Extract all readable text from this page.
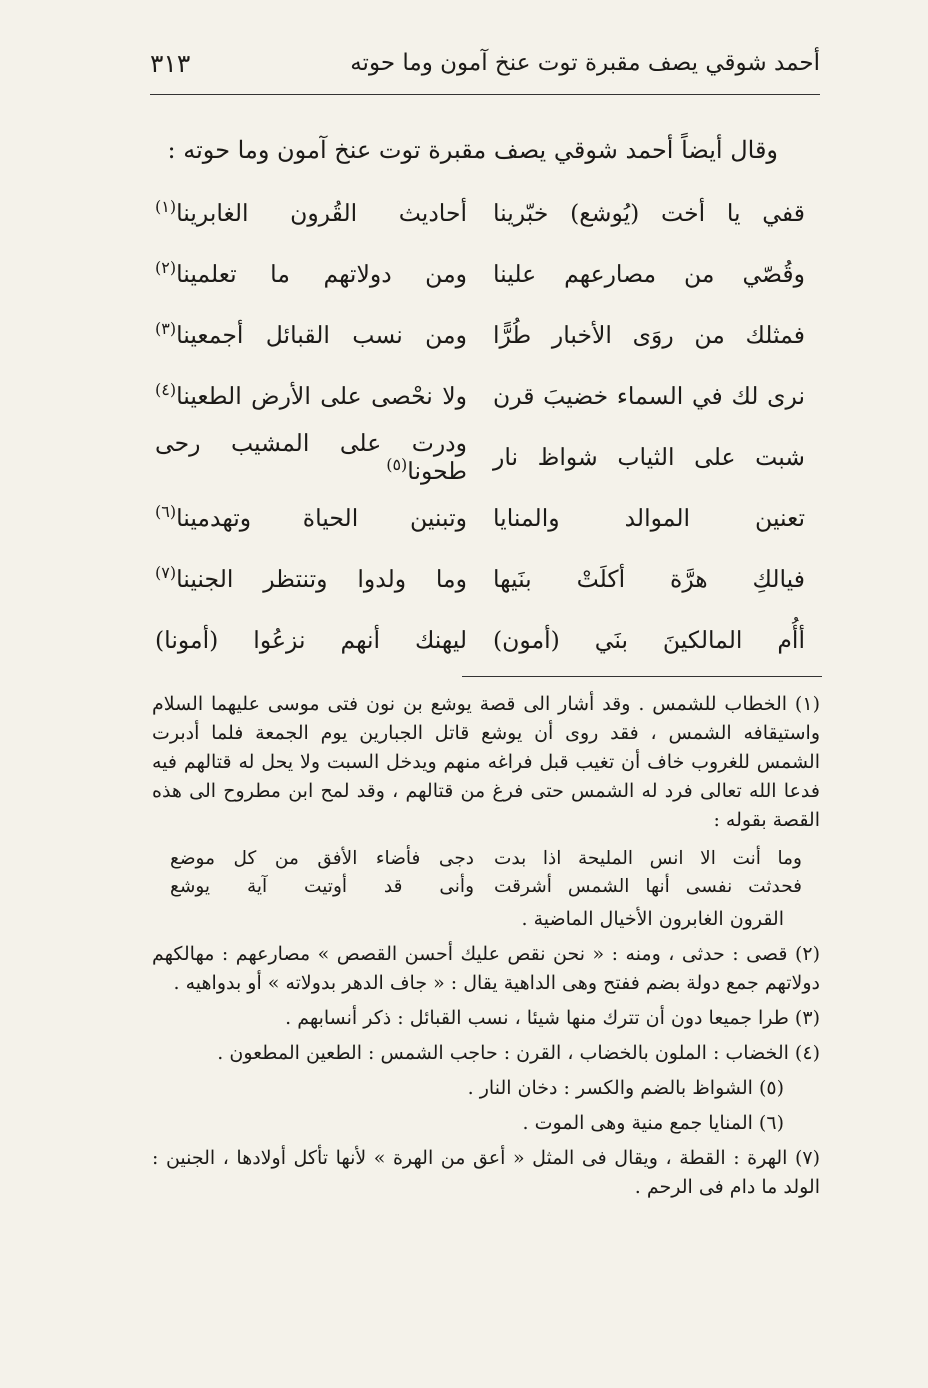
أحمد شوقي يصف مقبرة توت عنخ آمون وما حوته
٣١٣
وقال أيضاً أحمد شوقي يصف مقبرة توت عنخ آمون وما حوته :
قفي يا أخت (يُوشع) خبّرينا
أحاديث القُرون الغابرينا$^{(١)}$
وقُصّي من مصارعهم علينا
ومن دولاتهم ما تعلمينا$^{(٢)}$
فمثلك من روَى الأخبار طُرًّا
ومن نسب القبائل أجمعينا$^{(٣)}$
نرى لك في السماء خضيبَ قرن
ولا نحْصى على الأرض الطعينا$^{(٤)}$
شبت على الثياب شواظ نار
ودرت على المشيب رحى طحونا$^{(٥)}$
تعنين الموالد والمنايا
وتبنين الحياة وتهدمينا$^{(٦)}$
فيالكِ هرَّة أكلَتْ بنَيها
وما ولدوا وتنتظر الجنينا$^{(٧)}$
أأُم المالكينَ بنَي (أمون)
ليهنك أنهم نزعُوا (أمونا)

(١) الخطاب للشمس . وقد أشار الى قصة يوشع بن نون فتى موسى عليهما السلام واستيقافه الشمس ، فقد روى أن يوشع قاتل الجبارين يوم الجمعة فلما أدبرت الشمس للغروب خاف أن تغيب قبل فراغه منهم ويدخل السبت ولا يحل له قتالهم فيه فدعا الله تعالى فرد له الشمس حتى فرغ من قتالهم ، وقد لمح ابن مطروح الى هذه القصة بقوله :

وما أنت الا انس المليحة اذا بدت
دجى فأضاء الأفق من كل موضع
فحدثت نفسى أنها الشمس أشرقت
وأنى قد أوتيت آية يوشع

القرون الغابرون الأخيال الماضية .

(٢) قصى : حدثى ، ومنه : « نحن نقص عليك أحسن القصص » مصارعهم : مهالكهم دولاتهم جمع دولة بضم ففتح وهى الداهية يقال : « جاف الدهر بدولاته » أو بدواهيه .

(٣) طرا جميعا دون أن تترك منها شيئا ، نسب القبائل : ذكر أنسابهم .

(٤) الخضاب : الملون بالخضاب ، القرن : حاجب الشمس : الطعين المطعون .

(٥) الشواظ بالضم والكسر : دخان النار .

(٦) المنايا جمع منية وهى الموت .

(٧) الهرة : القطة ، ويقال فى المثل « أعق من الهرة » لأنها تأكل أولادها ، الجنين : الولد ما دام فى الرحم .
